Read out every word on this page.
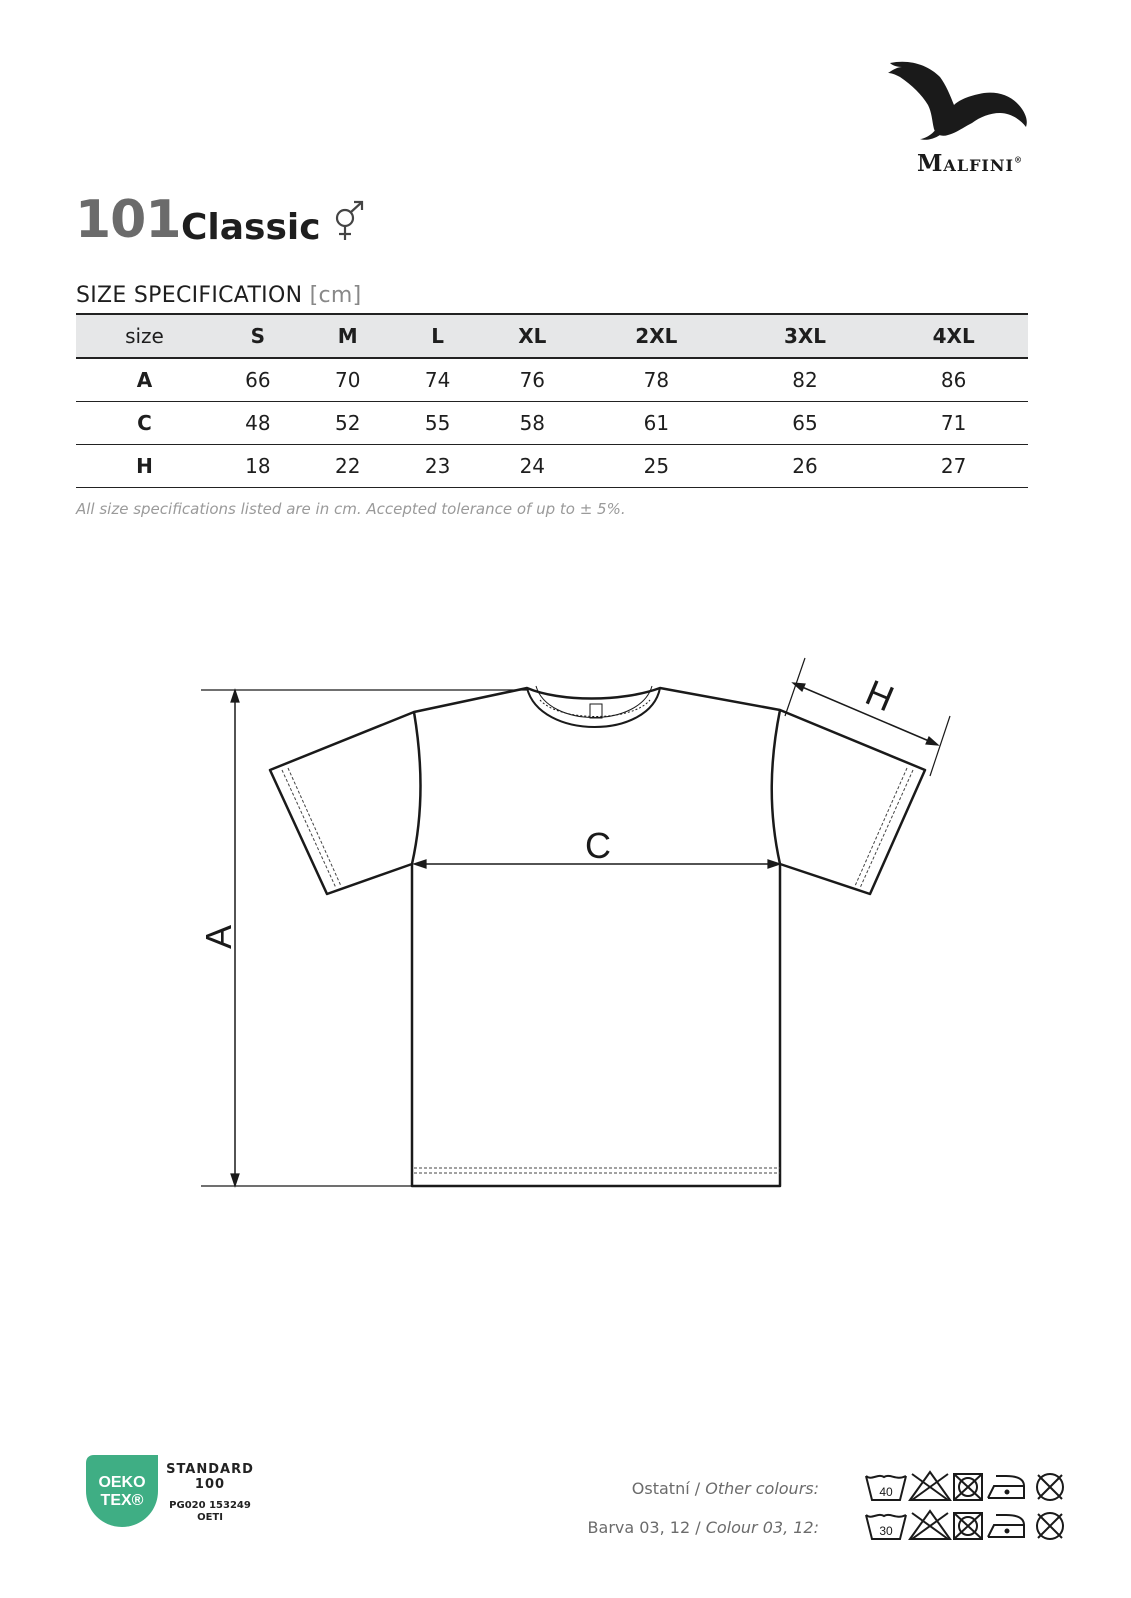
Malfini®
101 Classic
SIZE SPECIFICATION [cm]
size	S	M	L	XL	2XL	3XL	4XL
A	66	70	74	76	78	82	86
C	48	52	55	58	61	65	71
H	18	22	23	24	25	26	27
All size specifications listed are in cm. Accepted tolerance of up to ± 5%.
A
C
H
OEKO
TEX®
STANDARD
100
PG020 153249
OETI
Ostatní / Other colours:
Barva 03, 12 / Colour 03, 12:
40
30
